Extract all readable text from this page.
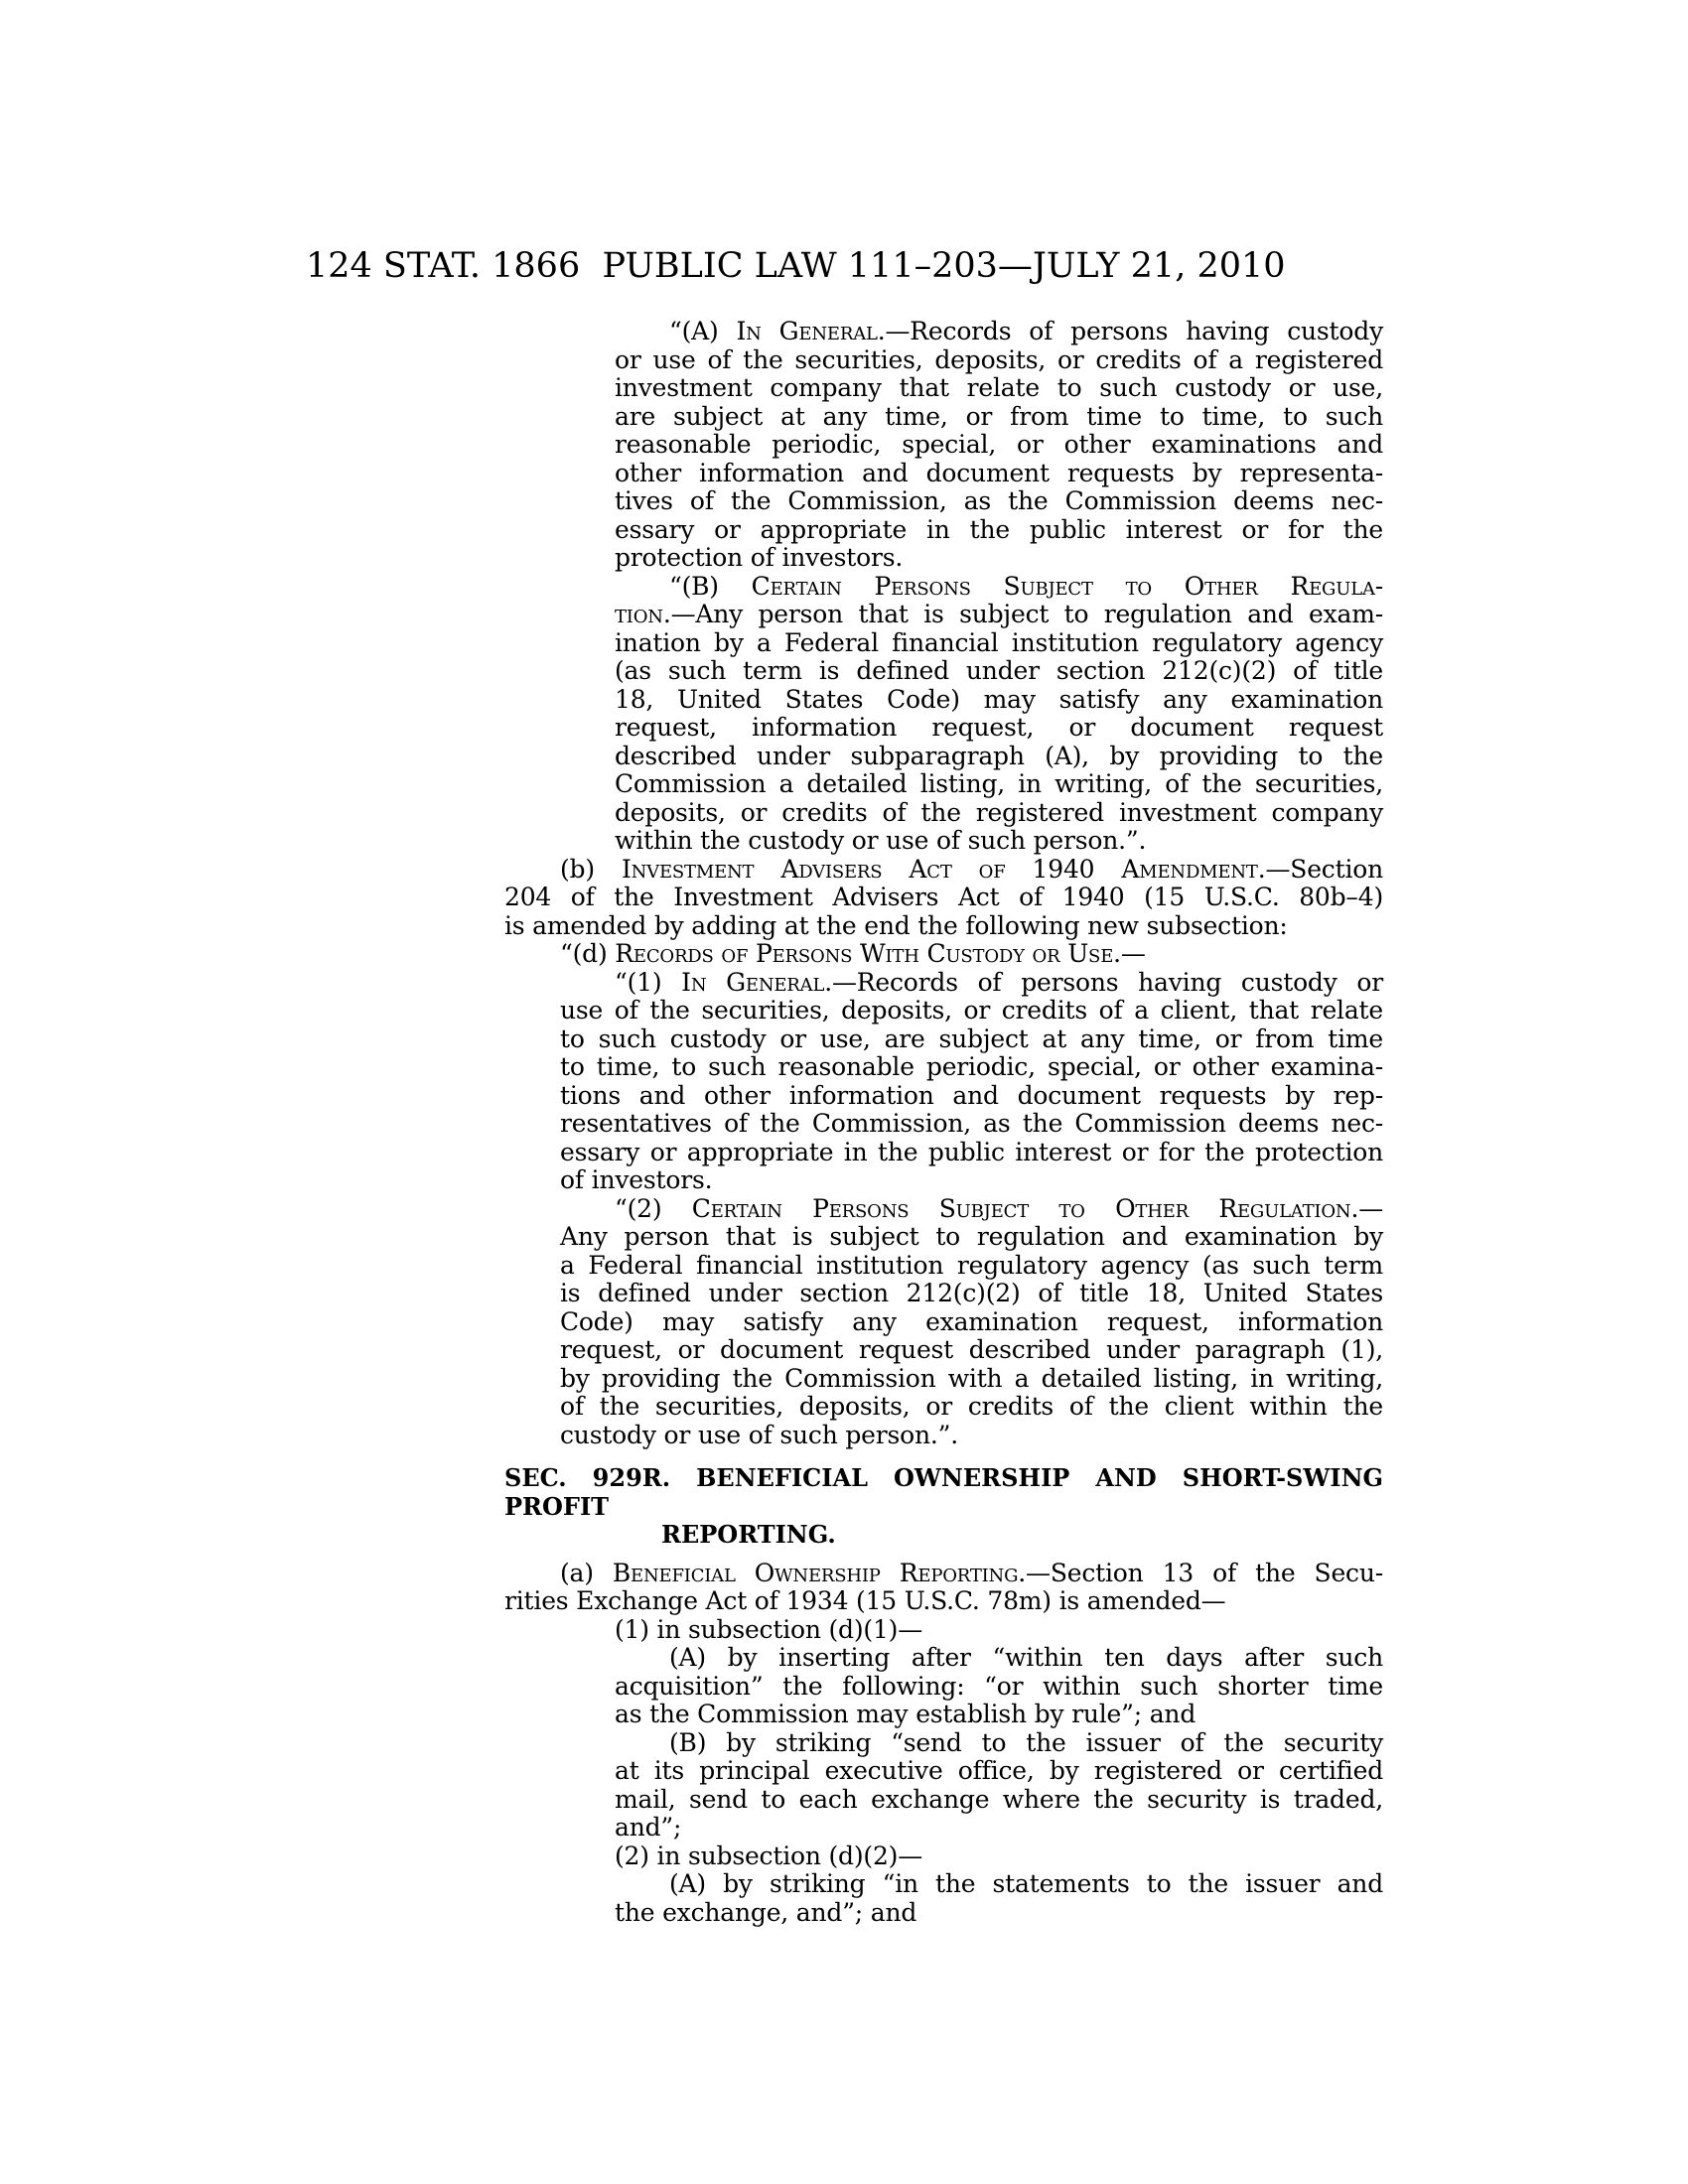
124 STAT. 1866 PUBLIC LAW 111–203—JULY 21, 2010
“(A) In General.—Records of persons having custody
or use of the securities, deposits, or credits of a registered
investment company that relate to such custody or use,
are subject at any time, or from time to time, to such
reasonable periodic, special, or other examinations and
other information and document requests by representa-
tives of the Commission, as the Commission deems nec-
essary or appropriate in the public interest or for the
protection of investors.
“(B) Certain Persons Subject to Other Regula-
tion.—Any person that is subject to regulation and exam-
ination by a Federal financial institution regulatory agency
(as such term is defined under section 212(c)(2) of title
18, United States Code) may satisfy any examination
request, information request, or document request
described under subparagraph (A), by providing to the
Commission a detailed listing, in writing, of the securities,
deposits, or credits of the registered investment company
within the custody or use of such person.”.
(b) Investment Advisers Act of 1940 Amendment.—Section
204 of the Investment Advisers Act of 1940 (15 U.S.C. 80b–4)
is amended by adding at the end the following new subsection:
“(d) Records of Persons With Custody or Use.—
“(1) In General.—Records of persons having custody or
use of the securities, deposits, or credits of a client, that relate
to such custody or use, are subject at any time, or from time
to time, to such reasonable periodic, special, or other examina-
tions and other information and document requests by rep-
resentatives of the Commission, as the Commission deems nec-
essary or appropriate in the public interest or for the protection
of investors.
“(2) Certain Persons Subject to Other Regulation.—
Any person that is subject to regulation and examination by
a Federal financial institution regulatory agency (as such term
is defined under section 212(c)(2) of title 18, United States
Code) may satisfy any examination request, information
request, or document request described under paragraph (1),
by providing the Commission with a detailed listing, in writing,
of the securities, deposits, or credits of the client within the
custody or use of such person.”.
SEC. 929R. BENEFICIAL OWNERSHIP AND SHORT-SWING PROFIT
REPORTING.
(a) Beneficial Ownership Reporting.—Section 13 of the Secu-
rities Exchange Act of 1934 (15 U.S.C. 78m) is amended—
(1) in subsection (d)(1)—
(A) by inserting after “within ten days after such
acquisition” the following: “or within such shorter time
as the Commission may establish by rule”; and
(B) by striking “send to the issuer of the security
at its principal executive office, by registered or certified
mail, send to each exchange where the security is traded,
and”;
(2) in subsection (d)(2)—
(A) by striking “in the statements to the issuer and
the exchange, and”; and
